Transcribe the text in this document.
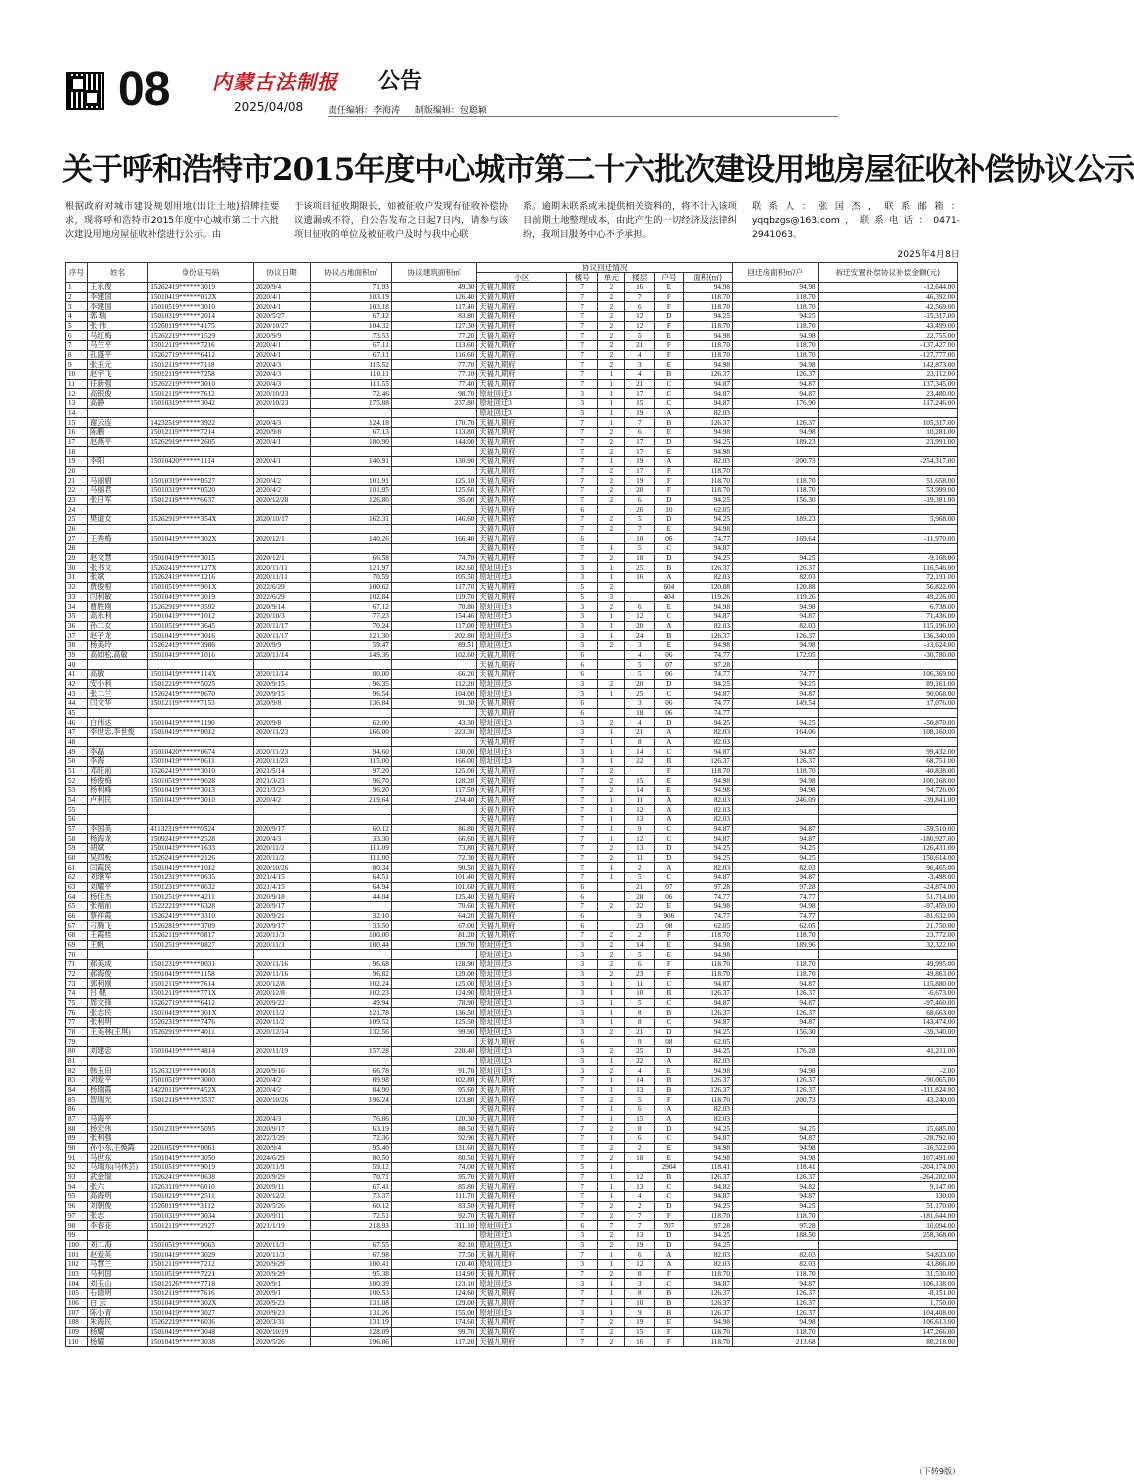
08 内蒙古法制报
2025/04/08
公告
责任编辑：李海涛 制版编辑：包聪颖
关于呼和浩特市2015年度中心城市第二十六批次建设用地房屋征收补偿协议公示
根据政府对城市建设规划用地(出让土地)招牌挂要求，现将呼和浩特市2015年度中心城市第二十六批次建设用地房屋征收补偿进行公示。由
于该项目征收期限长，如被征收户发现有征收补偿协议遗漏或不符，自公告发布之日起7日内，请参与该项目征收的单位及被征收户及时与我中心联
系。逾期未联系或未提供相关资料的，将不计入该项目前期土地整理成本，由此产生的一切经济及法律纠纷，我项目服务中心不予承担。
联系人：张国杰，联系邮箱：yqqbzgs@163.com，联系电话：0471-2941063。
2025年4月8日
序号	姓名	身份证号码	协议日期	协议占地面积㎡	协议建筑面积㎡	协议回迁情况						回迁房面积㎡/户	拆迁安置补偿协议补偿金额(元)
						小区	楼号	单元	楼层	户号	面积(㎡)		
1	王永俊	15262419******3019	2020/9/4	71.93	49.30	天福九期府	7	2	16	E	94.98	94.98	-12,644.00
2	李建国	15010419******012X	2020/4/1	103.19	126.40	天福九期府	7	2	7	F	118.70	118.70	46,392.00
3	李建国	15010519******3010	2020/4/1	103.18	117.40	天福九期府	7	2	6	F	118.70	118.70	42,569.00
4	郭 瑞	15010319******2014	2020/5/27	67.12	83.80	天福九期府	7	2	12	D	94.25	94.25	-15,317.00
5	张 伟	15260119******4175	2020/10/27	104.32	127.30	天福九期府	7	2	12	F	118.70	118.70	43,499.00
6	马红梅	15262219******1529	2020/9/9	73.53	77.20	天福九期府	7	2	5	E	94.98	94.98	22,755.00
7	马兰平	15012119******7216	2020/4/1	67.11	113.60	天福九期府	7	2	21	F	118.70	118.70	-137,427.00
8	孔盛平	15262719******6412	2020/4/1	67.11	116.60	天福九期府	7	2	4	F	118.70	118.70	-127,777.00
9	张玉元	15012119******7118	2020/4/3	115.52	77.70	天福九期府	7	2	3	E	94.98	94.98	142,873.00
10	赵宇飞	15012119******7258	2020/4/3	110.11	77.10	天福九期府	7	1	4	B	126.37	126.37	23,112.00
11	任新强	15262219******3010	2020/4/3	111.55	77.40	天福九期府	7	1	21	C	94.87	94.87	137,345.00
12	高银俊	15012119******7612	2020/10/23	72.46	98.70	原址回迁3	3	1	17	C	94.87	94.87	23,480.00
13	高静	15010319******3042	2020/10/23	175.88	237.80	原址回迁3	3	1	15	C	94.87	176.90	117,246.00
14						原址回迁3	3	1	19	A	82.03		
15	谢云连	14232519******3922	2020/4/3	124.18	170.70	天福九期府	7	1	7	B	126.37	126.37	105,317.00
16	陈鹏	15012119******7214	2020/9/8	67.13	113.80	天福九期府	7	2	6	E	94.98	94.98	10,281.00
17	赵燕平	15262919******2605	2020/4/1	180.90	144.00	天福九期府	7	2	17	D	94.25	189.23	23,991.00
18						天福九期府	7	2	17	E	94.98		
19	李阳	15010420******1114	2020/4/1	140.91	130.90	天福九期府	7	1	19	A	82.03	200.73	-254,317.00
20						天福九期府	7	2	17	F	118.70		
21	马丽娟	15010319******0527	2020/4/2	101.91	125.10	天福九期府	7	2	19	F	118.70	118.70	51,658.00
22	马丽君	15010319******0520	2020/4/2	101.95	125.60	天福九期府	7	2	20	F	118.70	118.70	53,999.00
23	张日军	15012119******6637	2020/12/28	126.80	95.00	天福九期府	7	2	6	D	94.25	156.30	-19,381.00
24						天福九期府	6		26	10	62.05		
25	樊道女	15262919******354X	2020/10/17	162.31	146.60	天福九期府	7	2	5	D	94.25	189.23	5,968.00
26						天福九期府	7	2	7	E	94.98		
27	王秀梅	15010419******302X	2020/12/1	140.26	166.40	天福九期府	6		10	06	74.77	169.64	-11,970.00
28						天福九期府	7	1	5	C	94.87		
29	赵文慧	15010419******3015	2020/12/1	66.58	74.70	天福九期府	7	2	18	D	94.25	94.25	-9,168.00
30	张书文	15262419******127X	2020/11/11	121.97	182.60	原址回迁3	3	1	25	B	126.37	126.37	116,546.00
31	张斌	15262419******1216	2020/11/11	70.59	105.50	原址回迁3	3	1	16	A	82.03	82.03	72,191.00
32	贾俊根	15010519******901X	2022/6/29	100.62	117.70	天福九期府	5	2		604	120.88	120.88	56,822.00
33	闫利敏	15010419******3019	2022/6/29	102.84	119.70	天福九期府	5	3		404	119.26	119.26	49,226.00
34	曹胜刚	15262919******3592	2020/9/14	67.12	70.80	原址回迁3	3	2	6	E	94.98	94.98	6,738.00
35	高永利	15010419******1012	2020/10/3	77.23	154.46	原址回迁3	3	1	12	C	94.87	94.87	71,436.00
36	孙二女	15010519******3645	2020/11/17	70.24	117.00	原址回迁3	3	1	20	A	82.03	82.03	115,196.00
37	赵子龙	15010419******3016	2020/11/17	121.30	202.80	原址回迁3	3	1	24	B	126.37	126.37	136,340.00
38	杨美玲	15262419******3986	2020/9/9	59.47	89.51	原址回迁3	3	2	3	E	94.98	94.98	-13,624.00
39	高如松,高敏	15010419******1016	2020/11/14	149.36	102.60	天福九期府	6		4	06	74.77	172.05	-30,780.00
40						天福九期府	6		5	07	97.28		
41	高敏	15010419******114X	2020/11/14	80.00	66.20	天福九期府	6		5	06	74.77	74.77	106,369.00
42	安小利	15012219******5025	2020/9/15	96.35	112.20	原址回迁3	3	2	20	D	94.25	94.25	89,161.00
43	张二兰	15262419******0670	2020/9/15	96.54	104.00	原址回迁3	3	1	25	C	94.87	94.87	90,068.00
44	闫文华	15012119******7153	2020/9/8	136.84	91.30	天福九期府	6		3	06	74.77	149.54	17,076.00
45						天福九期府	6		18	06	74.77		
46	白伟达	15010419******1190	2020/9/8	62.00	43.30	原址回迁3	3	2	4	D	94.25	94.25	-50,870.00
47	李世忠,李世俊	15010419******0012	2020/11/23	166.00	223.30	原址回迁3	3	1	21	A	82.03	164.06	108,160.00
48						天福九期府	7	1	8	A	82.03		
49	李磊	15010420******0674	2020/11/23	94.60	130.00	原址回迁3	3	1	14	C	94.87	94.87	99,432.00
50	李海	15010419******0611	2020/11/23	115.00	166.00	原址回迁3	3	1	22	B	126.37	126.37	68,751.00
51	邓旺前	15262419******3010	2021/5/14	97.20	125.00	天福九期府	7	2		F	118.70	118.70	40,838.00
52	杨俊梅	15010519******9028	2021/3/23	96.70	128.20	天福九期府	7	2	15	E	94.98	94.98	100,168.00
53	杨利峰	15010419******3013	2021/3/23	96.20	117.50	天福九期府	7	2	14	E	94.98	94.98	94,726.00
54	卢利民	15010419******3010	2020/4/2	219.64	234.40	天福九期府	7	1	11	A	82.03	246.09	-39,841.00
55						天福九期府	7	1	12	A	82.03		
56						天福九期府	7	1	13	A	82.03		
57	李国英	41132319******0524	2020/9/17	60.12	86.80	天福九期府	7	1	9	C	94.87	94.87	-59,510.00
58	杨海龙	15092419******2528	2020/4/3	33.30	66.60	天福九期府	7	1	12	C	94.87	94.87	-180,927.00
59	胡斌	15010419******1633	2020/11/2	111.09	73.80	天福九期府	7	2	13	D	94.25	94.25	126,431.00
60	吴四板	15262419******2126	2020/11/2	111.00	72.30	天福九期府	7	2	11	D	94.25	94.25	150,614.00
61	闫霞民	15010419******1012	2020/10/26	80.34	90.50	天福九期府	7	1	2	A	82.03	82.03	96,465.00
62	刘继军	15012319******0635	2021/4/15	64.51	101.40	天福九期府	7	1	5	C	94.87	94.87	-3,498.00
63	刘耀平	15012319******0632	2021/4/15	64.94	101.60	天福九期府	6		21	07	97.28	97.28	-24,874.00
64	杨佳杰	15012519******4211	2020/9/18	44.04	125.40	天福九期府	6		28	06	74.77	74.77	51,714.00
65	张福前	15222219******6328	2020/9/17		70.60	天福九期府	7	2	22	E	94.98	94.98	-97,459.00
66	蔡祥霞	15262419******3310	2020/9/21	32.10	64.20	天福九期府	6		9	906	74.77	74.77	-81,632.00
67	刁腾飞	15262819******3709	2020/9/17	33.50	67.00	天福九期府	6		23	08	62.05	62.05	21,750.00
68	王霞桂	15262119******0817	2020/11/3	100.00	81.20	天福九期府	7	2	2	F	118.70	118.70	23,772.00
69	王帆	15012519******0827	2020/11/3	180.44	139.70	原址回迁3	3	2	14	E	94.98	189.96	32,322.00
70						原址回迁3	3	2	5	E	94.98		
71	郝美成	15012319******0031	2020/11/16	96.68	128.90	原址回迁3	3	2	6	F	118.70	118.70	49,995.00
72	郝海俊	15010419******1158	2020/11/16	96.82	129.00	原址回迁3	3	2	23	F	118.70	118.70	49,863.00
73	郭利刚	15012119******7614	2020/12/8	102.24	125.00	原址回迁3	3	1	11	C	94.87	94.87	115,880.00
74	吕 健	15012119******771X	2020/12/8	102.23	124.90	原址回迁3	3	1	10	B	126.37	126.37	-6,673.00
75	周文锋	15262719******6412	2020/9/22	49.94	78.90	原址回迁3	3	1	5	C	94.87	94.87	-97,460.00
76	张志民	15010419******301X	2020/11/2	121.78	136.50	原址回迁3	3	1	8	B	126.37	126.37	68,663.00
77	张利明	15262319******7476	2020/11/2	109.52	125.50	原址回迁3	3	1	8	C	94.87	94.87	143,474.00
78	王美林(王琪)	15262919******4011	2020/12/14	132.56	99.90	原址回迁3	3	2	21	D	94.25	156.30	-39,340.00
79						天福九期府	6		9	08	62.05		
80	刘建忠	15010419******4814	2020/11/19	157.28	220.40	原址回迁3	3	2	25	D	94.25	176.28	41,211.00
81						原址回迁3	3	1	22	A	82.03		
82	韩玉田	15263219******0018	2020/9/16	66.78	91.70	原址回迁3	3	2	4	E	94.98	94.98	-2.00
83	刘爱平	15010519******3000	2020/4/2	89.98	102.80	天福九期府	7	1	14	B	126.37	126.37	-90,065.00
84	杨瑞霞	14220119******452X	2020/4/2	84.90	95.60	天福九期府	7	1	13	B	126.37	126.37	-111,824.00
85	智瑞光	15012119******3537	2020/10/26	196.24	123.80	天福九期府	7	2	5	F	118.70	200.73	43,240.00
86						天福九期府	7	1	6	A	82.03		
87	马海平		2020/4/3	76.86	120.30	天福九期府	7	1	15	A	82.03		
88	杨宏伟	15012319******5095	2020/9/17	63.19	88.50	天福九期府	7	2	8	D	94.25	94.25	15,685.00
89	张利强		2022/3/29	72.36	92.90	天福九期府	7	1	6	C	94.87	94.87	-28,792.00
90	孙小东,王焕霞	22010519******0061	2020/9/4	95.40	131.60	天福九期府	7	2	2	E	94.98	94.98	-16,522.00
91	马世东	15010419******3050	2024/6/29	80.50	80.50	天福九期府	7	2	18	E	94.98	94.98	107,491.00
92	马瑞东(马休芸)	15010519******9019	2020/11/9	59.12	74.00	天福九期府	5	1		2904	118.41	118.41	-204,174.00
93	武金瑞	15262419******0638	2020/9/29	70.71	95.70	天福九期府	7	1	12	B	126.37	126.37	-264,282.00
94	张六	15263119******6010	2020/9/11	67.41	85.80	天福九期府	7	1	13	C	94.82	94.82	9,147.00
95	高海明	15010219******2511	2020/12/2	73.37	111.70	天福九期府	7	1	4	C	94.87	94.87	130.00
96	刘朝俊	15260119******3112	2020/5/26	60.12	83.50	天福九期府	7	2	2	D	94.25	94.25	51,170.00
97	张志	15010319******3034	2020/9/11	72.51	92.70	天福九期府	7	2	7	F	118.70	118.70	-181,644.00
98	李春花	15012119******2927	2021/1/19	218.93	311.10	原址回迁3	6	7	7	707	97.28	97.28	10,094.00
99						原址回迁3	3	2	13	D	94.25	188.50	258,368.00
100	刘二海	15010519******9063	2020/11/3	67.55	82.10	原址回迁3	3	2	19	D	94.25		
101	赵爱英	15010419******3029	2020/11/3	67.98	77.50	天福九期府	7	1	6	A	82.03	82.03	54,833.00
102	马慧兰	15012119******7212	2020/9/29	100.41	120.40	原址回迁3	3	1	12	A	82.03	82.03	43,866.00
103	马利国	15010519******7221	2020/9/29	95.38	114.90	天福九期府	7	2	8	F	118.70	118.70	31,530.00
104	刘玉山	15012126******7718	2020/9/1	100.39	123.10	原址回迁3	3	1	3	C	94.87	94.87	106,138.00
105	石德明	15012119******7616	2020/9/1	100.53	124.60	天福九期府	7	1	8	B	126.37	126.37	-8,151.00
106	白 云	15010419******302X	2020/9/23	131.08	129.00	天福九期府	7	1	10	B	126.37	126.37	1,750.00
107	陈小青	15010419******3027	2020/9/23	131.26	155.00	原址回迁3	3	1	9	B	126.37	126.37	104,408.00
108	朱海民	15262219******6036	2020/3/31	131.19	174.60	天福九期府	7	2	19	E	94.98	94.98	106,613.00
109	杨耀	15010419******3048	2020/10/19	128.09	99.70	天福九期府	7	2	15	F	118.70	118.70	147,266.00
110	杨耀	15010419******3038	2020/5/26	196.86	117.20	天福九期府	7	2	16	F	118.70	213.68	80,218.00
（下转9版）
